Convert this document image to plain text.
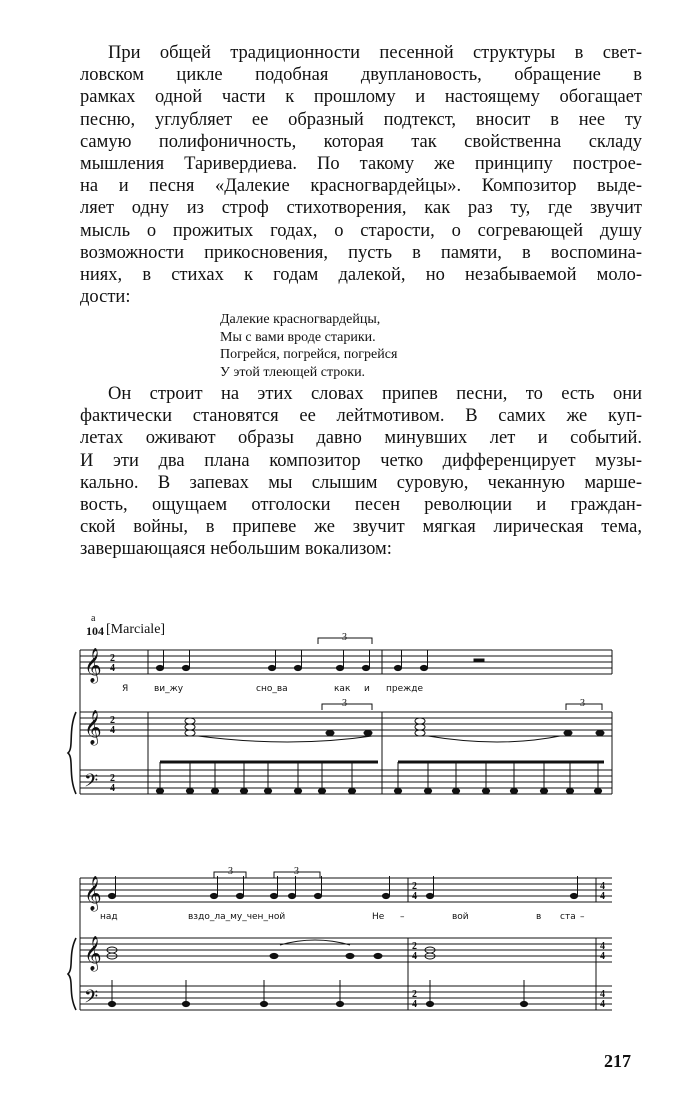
При общей традиционности песенной структуры в свет-
ловском цикле подобная двуплановость, обращение в
рамках одной части к прошлому и настоящему обогащает
песню, углубляет ее образный подтекст, вносит в нее ту
самую полифоничность, которая так свойственна складу
мышления Таривердиева. По такому же принципу построе-
на и песня «Далекие красногвардейцы». Композитор выде-
ляет одну из строф стихотворения, как раз ту, где звучит
мысль о прожитых годах, о старости, о согревающей душу
возможности прикосновения, пусть в памяти, в воспомина-
ниях, в стихах к годам далекой, но незабываемой моло-
дости:
Далекие красногвардейцы,
Мы с вами вроде старики.
Погрейся, погрейся, погрейся
У этой тлеющей строки.
Он строит на этих словах припев песни, то есть они
фактически становятся ее лейтмотивом. В самих же куп-
летах оживают образы давно минувших лет и событий.
И эти два плана композитор четко дифференцирует музы-
кально. В запевах мы слышим суровую, чеканную марше-
вость, ощущаем отголоски песен революции и граждан-
ской войны, в припеве же звучит мягкая лирическая тема,
завершающаяся небольшим вокализом:
а
104 [Marciale]
𝄞
𝄞
𝄢
𝄞
𝄞
𝄢
2
4
2
4
2
4
2
4
2
4
2
4
4
4
4
4
4
4
3
3	3
3	3
Я	ви_жу	сно_ва	как и прежде
над	вздо_ла_му_чен_ной	Не –	вой	в ста –
217
